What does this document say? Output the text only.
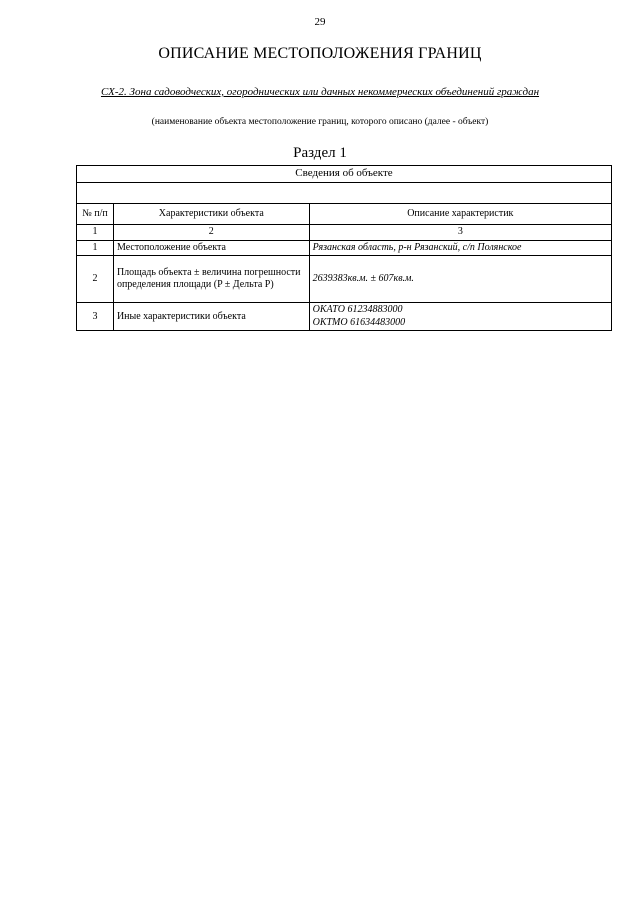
29
ОПИСАНИЕ МЕСТОПОЛОЖЕНИЯ ГРАНИЦ
СХ-2. Зона садоводческих, огороднических или дачных некоммерческих объединений граждан
(наименование объекта местоположение границ, которого описано (далее - объект)
Раздел 1
Сведения об объекте		

№ п/п	Характеристики объекта	Описание характеристик
1	2	3
1	Местоположение объекта	Рязанская область, р-н Рязанский, с/п Полянское
2	Площадь объекта ± величина погрешности определения площади (P ± Дельта P)	2639383кв.м. ± 607кв.м.
3	Иные характеристики объекта	ОКАТО 61234883000
ОКТМО 61634483000
